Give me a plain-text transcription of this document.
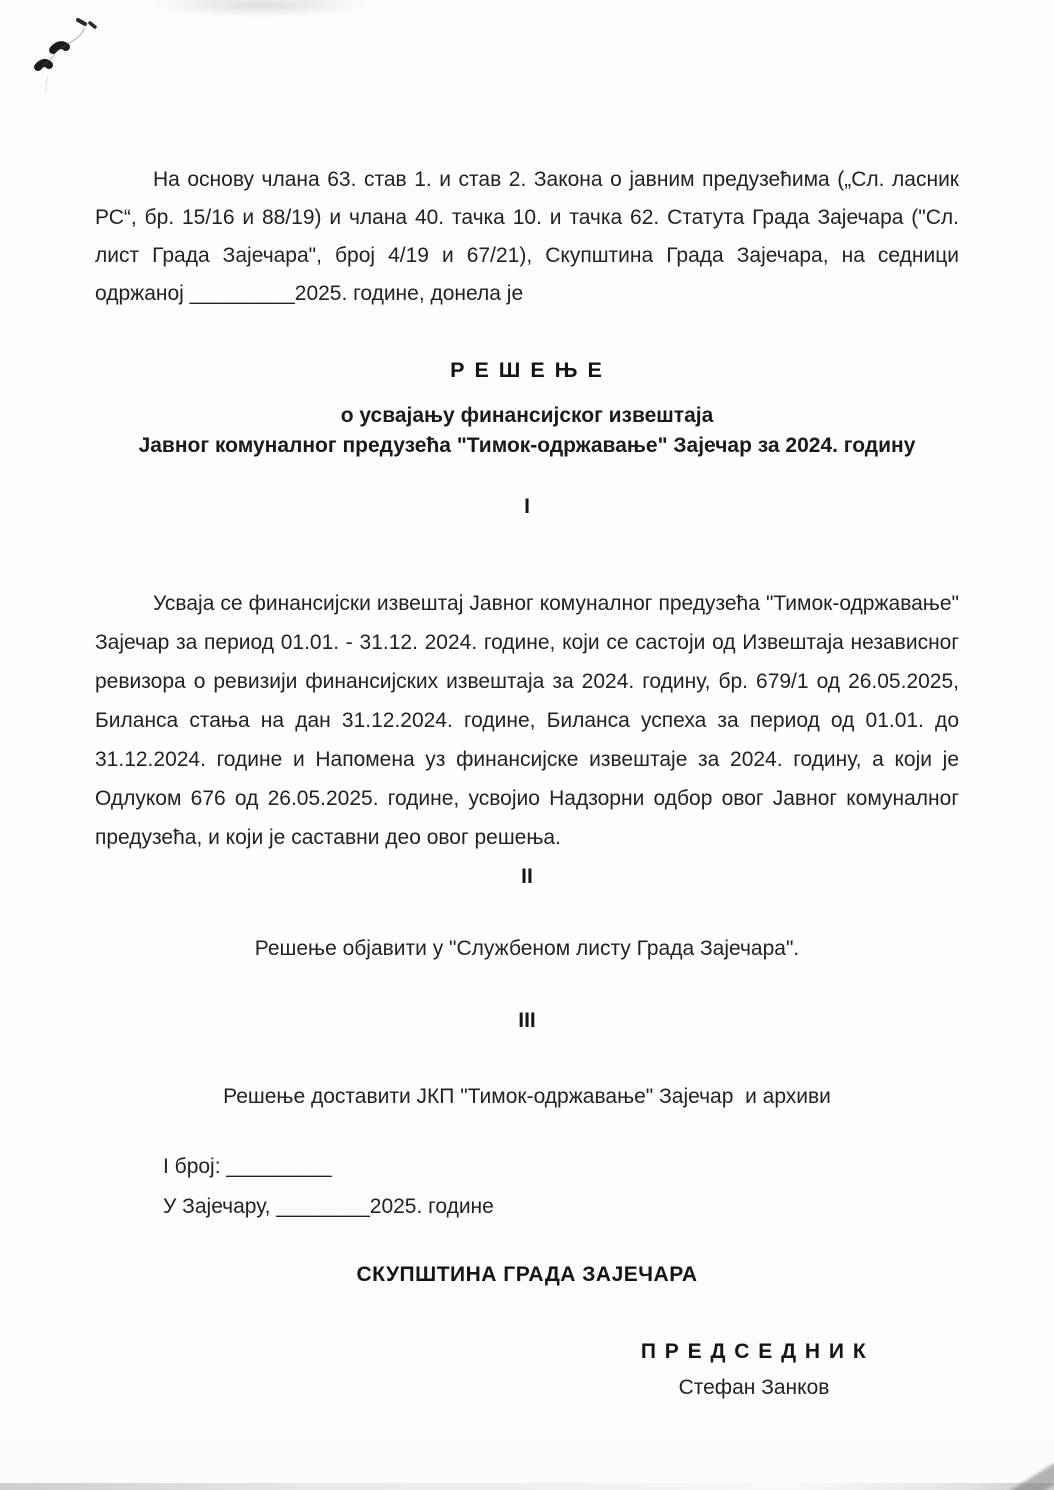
На основу члана 63. став 1. и став 2. Закона о јавним предузећима („Сл. ласник РС“, бр. 15/16 и 88/19) и члана 40. тачка 10. и тачка 62. Статута Града Зајечара ("Сл. лист Града Зајечара", број 4/19 и 67/21), Скупштина Града Зајечара, на седници одржаној _________2025. године, донела је

Р Е Ш Е Њ Е
о усвајању финансијског извештаја
Јавног комуналног предузећа "Тимок-одржавање" Зајечар за 2024. годину
I

Усваја се финансијски извештај Јавног комуналног предузећа "Тимок-одржавање" Зајечар за период 01.01. - 31.12. 2024. године, који се састоји од Извештаја независног ревизора о ревизији финансијских извештаја за 2024. годину, бр. 679/1 од 26.05.2025, Биланса стања на дан 31.12.2024. године, Биланса успеха за период од 01.01. до 31.12.2024. године и Напомена уз финансијске извештаје за 2024. годину, а који је Одлуком 676 од 26.05.2025. године, усвојио Надзорни одбор овог Јавног комуналног предузећа, и који је саставни део овог решења.

II
Решење објавити у "Службеном листу Града Зајечара".
III
Решење доставити ЈКП "Тимок-одржавање" Зајечар  и архиви
I број: _________
У Зајечару, ________2025. године
СКУПШТИНА ГРАДА ЗАЈЕЧАРА
П Р Е Д С Е Д Н И К
Стефан Занков
